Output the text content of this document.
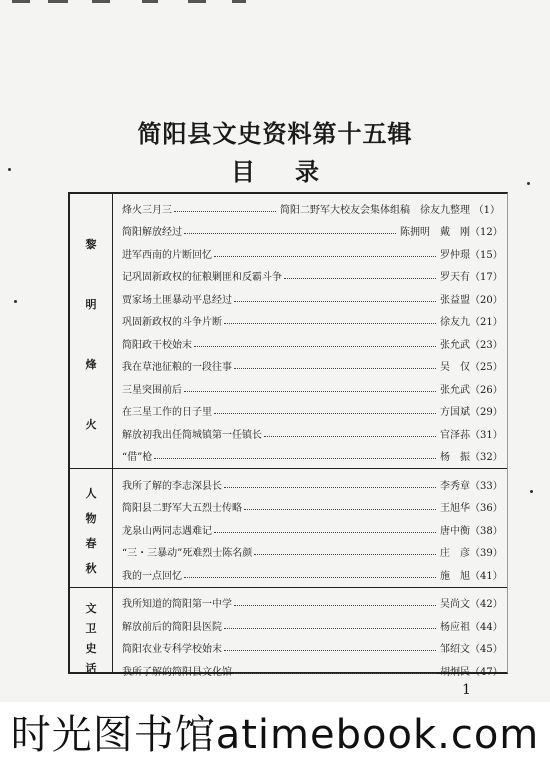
简阳县文史资料第十五辑
目录
烽火三月三	简阳二野军大校友会集体组稿　徐友九整理 （1）
简阳解放经过	陈拥明　戴　刚 （12）
进军西南的片断回忆	罗仲璟 （15）
记巩固新政权的征粮剿匪和反霸斗争	罗天有 （17）
贾家场土匪暴动平息经过	张益盟 （20）
巩固新政权的斗争片断	徐友九 （21）
简阳政干校始末	张允武 （23）
我在草池征粮的一段往事	吴　仅 （25）
三星突围前后	张允武 （26）
在三星工作的日子里	方国斌 （29）
解放初我出任简城镇第一任镇长	官泽荪 （31）
“借”枪	杨　振 （32）
黎
明
烽
火
我所了解的李志深县长	李秀章 （33）
简阳县二野军大五烈士传略	王旭华 （36）
龙泉山两同志遇难记	唐中衡 （38）
“三・三暴动”死难烈士陈名颜	庄　彦 （39）
我的一点回忆	施　旭 （41）
人
物
春
秋
我所知道的简阳第一中学	吴尚文 （42）
解放前后的简阳县医院	杨应祖 （44）
简阳农业专科学校始末	邹绍文 （45）
我所了解的简阳县文化馆	胡炯民 （47）
文
卫
史
话
1
时光图书馆atimebook.com
